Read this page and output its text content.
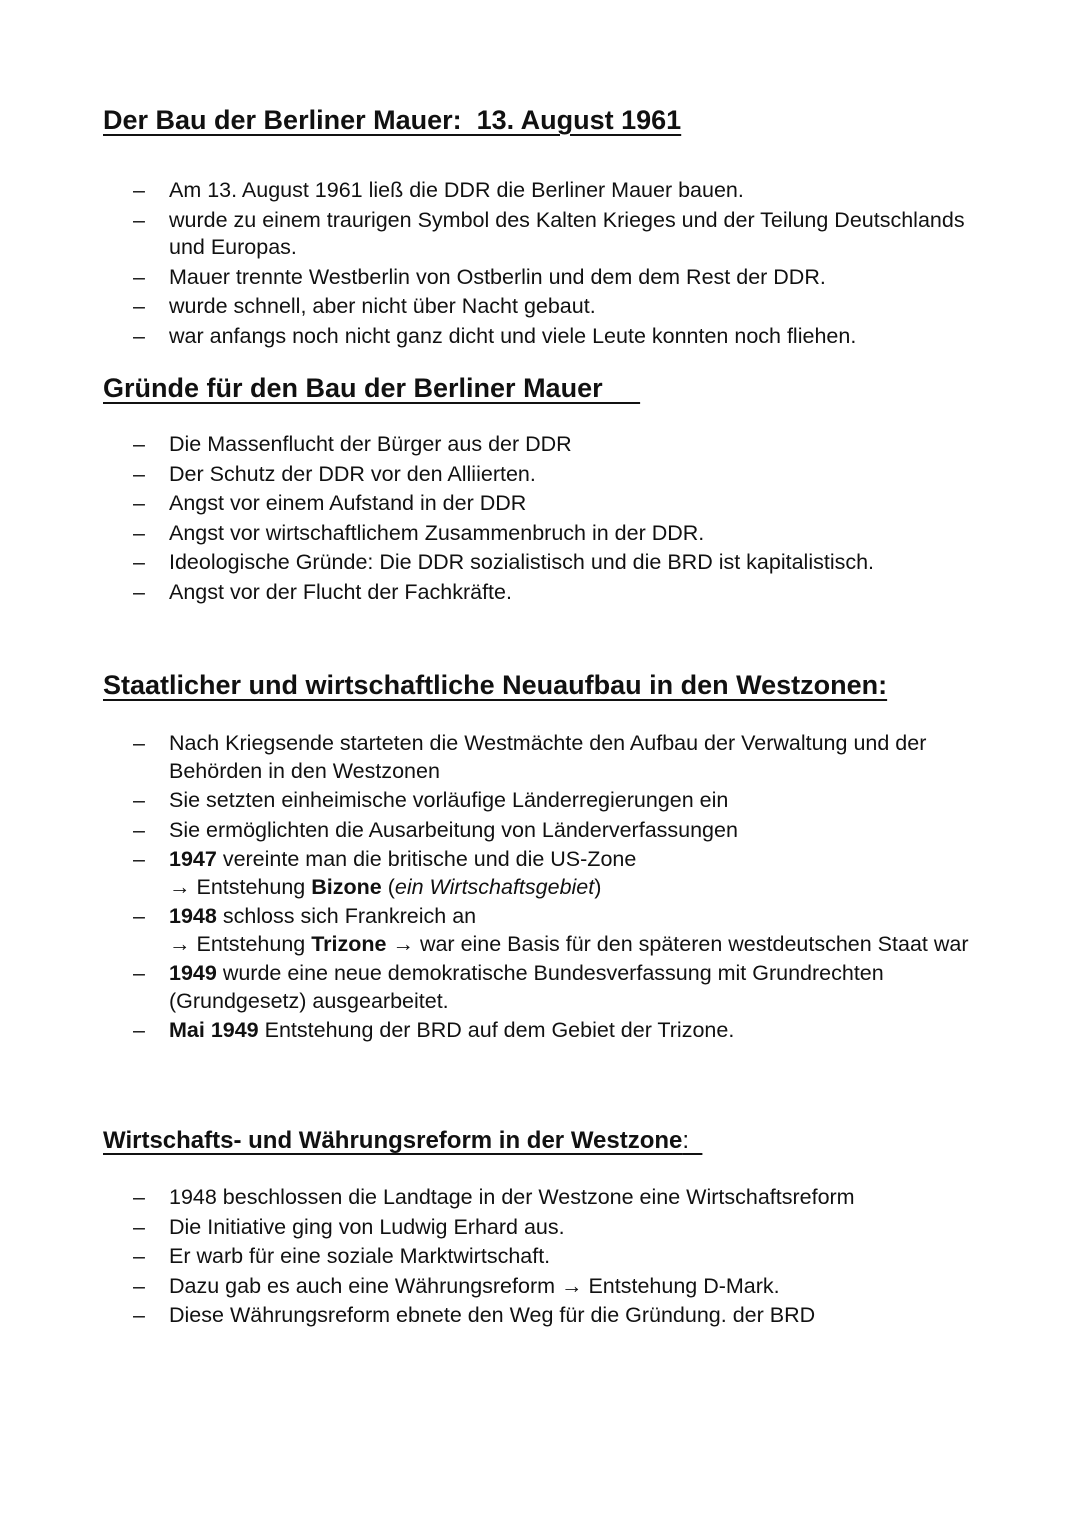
Der Bau der Berliner Mauer:  13. August 1961
– Am 13. August 1961 ließ die DDR die Berliner Mauer bauen.
– wurde zu einem traurigen Symbol des Kalten Krieges und der Teilung Deutschlands und Europas.
– Mauer trennte Westberlin von Ostberlin und dem dem Rest der DDR.
– wurde schnell, aber nicht über Nacht gebaut.
– war anfangs noch nicht ganz dicht und viele Leute konnten noch fliehen.
Gründe für den Bau der Berliner Mauer
– Die Massenflucht der Bürger aus der DDR
– Der Schutz der DDR vor den Alliierten.
– Angst vor einem Aufstand in der DDR
– Angst vor wirtschaftlichem Zusammenbruch in der DDR.
– Ideologische Gründe: Die DDR sozialistisch und die BRD ist kapitalistisch.
– Angst vor der Flucht der Fachkräfte.
Staatlicher und wirtschaftliche Neuaufbau in den Westzonen:
– Nach Kriegsende starteten die Westmächte den Aufbau der Verwaltung und der Behörden in den Westzonen
– Sie setzten einheimische vorläufige Länderregierungen ein
– Sie ermöglichten die Ausarbeitung von Länderverfassungen
– 1947 vereinte man die britische und die US-Zone
→ Entstehung Bizone (ein Wirtschaftsgebiet)
– 1948 schloss sich Frankreich an
→ Entstehung Trizone → war eine Basis für den späteren westdeutschen Staat war
– 1949 wurde eine neue demokratische Bundesverfassung mit Grundrechten (Grundgesetz) ausgearbeitet.
– Mai 1949 Entstehung der BRD auf dem Gebiet der Trizone.
Wirtschafts- und Währungsreform in der Westzone:
– 1948 beschlossen die Landtage in der Westzone eine Wirtschaftsreform
– Die Initiative ging von Ludwig Erhard aus.
– Er warb für eine soziale Marktwirtschaft.
– Dazu gab es auch eine Währungsreform → Entstehung D-Mark.
– Diese Währungsreform ebnete den Weg für die Gründung. der BRD
